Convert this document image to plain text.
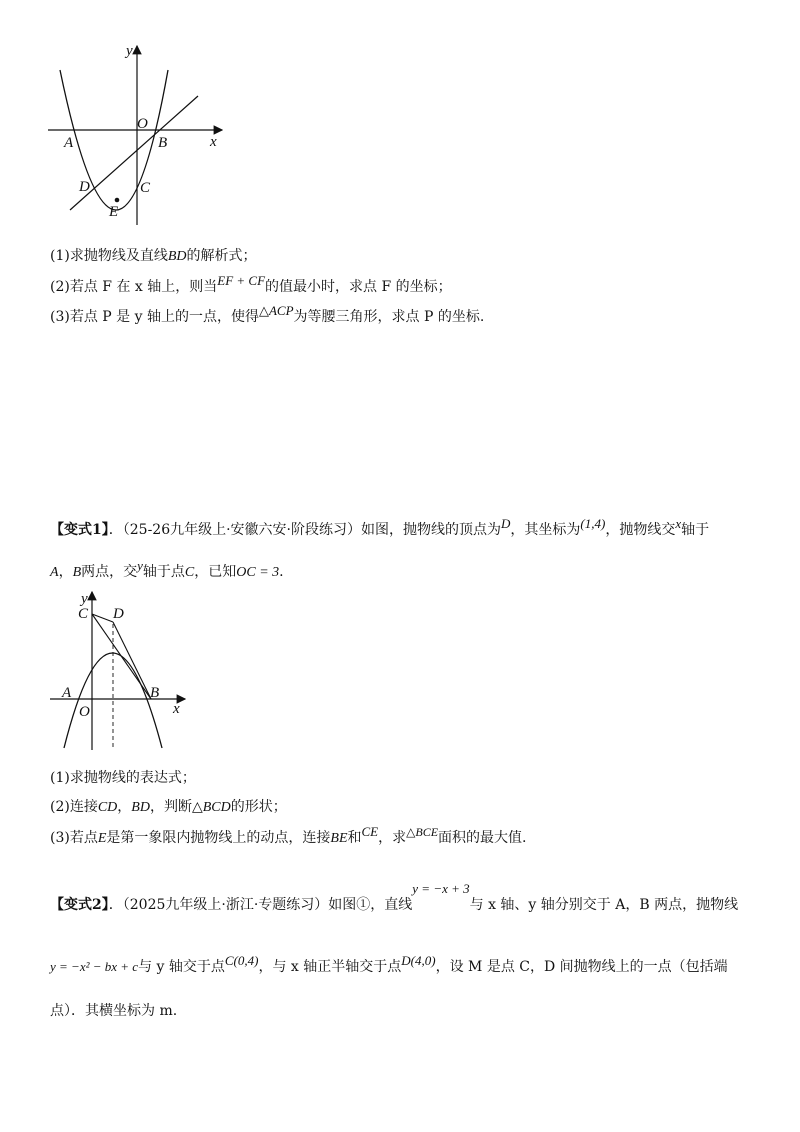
y
x
O
A	B
C
D
E
(1)求抛物线及直线BD的解析式；
(2)若点 F 在 x 轴上，则当EF + CF的值最小时，求点 F 的坐标；
(3)若点 P 是 y 轴上的一点，使得△ACP为等腰三角形，求点 P 的坐标.
【变式1】．（25-26九年级上·安徽六安·阶段练习）如图，抛物线的顶点为D，其坐标为(1,4)，抛物线交x轴于
A，B两点，交y轴于点C，已知OC = 3.
y
x
O
A	B
C D
(1)求抛物线的表达式；
(2)连接CD，BD，判断△BCD的形状；
(3)若点E是第一象限内抛物线上的动点，连接BE和CE，求△BCE面积的最大值.
【变式2】．（2025九年级上·浙江·专题练习）如图①，直线y = −x + 3与 x 轴、y 轴分别交于 A，B 两点，抛物线
y = −x² − bx + c与 y 轴交于点C(0,4)，与 x 轴正半轴交于点D(4,0)，设 M 是点 C，D 间抛物线上的一点（包括端
点）．其横坐标为 m.
